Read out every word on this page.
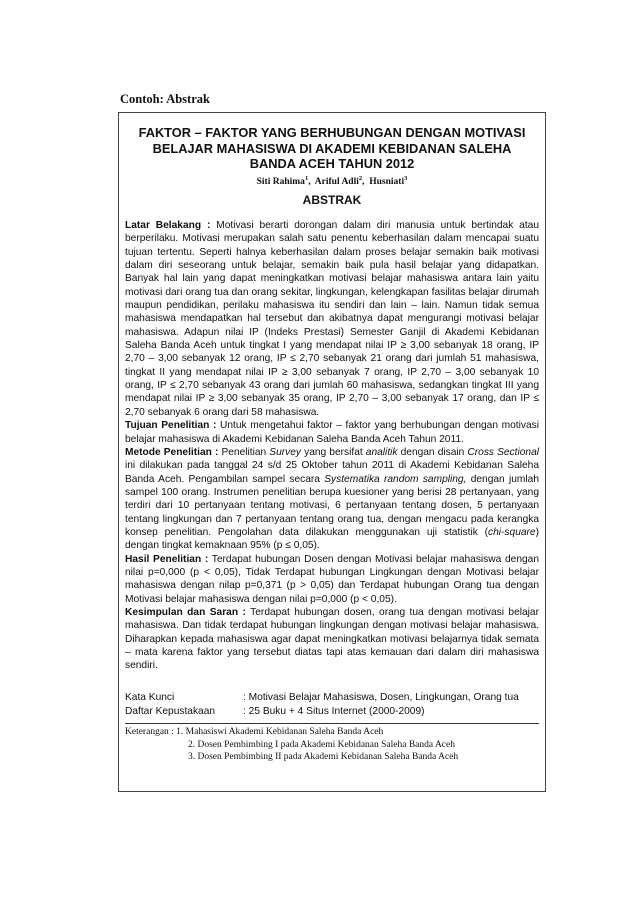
Contoh: Abstrak
FAKTOR – FAKTOR YANG BERHUBUNGAN DENGAN MOTIVASI
BELAJAR MAHASISWA DI AKADEMI KEBIDANAN SALEHA
BANDA ACEH TAHUN 2012
Siti Rahima$^1$,  Ariful Adli$^2$,  Husniati$^3$
ABSTRAK

Latar Belakang : Motivasi berarti dorongan dalam diri manusia untuk bertindak atau berperilaku. Motivasi merupakan salah satu penentu keberhasilan dalam mencapai suatu tujuan tertentu. Seperti halnya keberhasilan dalam proses belajar semakin baik motivasi dalam diri seseorang untuk belajar, semakin baik pula hasil belajar yang didapatkan. Banyak hal lain yang dapat meningkatkan motivasi belajar mahasiswa antara lain yaitu motivasi dari orang tua dan orang sekitar, lingkungan, kelengkapan fasilitas belajar dirumah maupun pendidikan, perilaku mahasiswa itu sendiri dan lain – lain. Namun tidak semua mahasiswa mendapatkan hal tersebut dan akibatnya dapat mengurangi motivasi belajar mahasiswa. Adapun nilai IP (Indeks Prestasi) Semester Ganjil di Akademi Kebidanan Saleha Banda Aceh untuk tingkat I yang mendapat nilai IP ≥ 3,00 sebanyak 18 orang, IP 2,70 – 3,00 sebanyak 12 orang, IP ≤ 2,70 sebanyak 21 orang dari jumlah 51 mahasiswa, tingkat II yang mendapat nilai IP ≥ 3,00 sebanyak 7 orang, IP 2,70 – 3,00 sebanyak 10 orang, IP ≤ 2,70 sebanyak 43 orang dari jumlah 60 mahasiswa, sedangkan tingkat III yang mendapat nilai IP ≥ 3,00 sebanyak 35 orang, IP 2,70 – 3,00 sebanyak 17 orang, dan IP ≤ 2,70 sebanyak 6 orang dari 58 mahasiswa.

Tujuan Penelitian : Untuk mengetahui faktor – faktor yang berhubungan dengan motivasi belajar mahasiswa di Akademi Kebidanan Saleha Banda Aceh Tahun 2011.

Metode Penelitian : Penelitian Survey yang bersifat analitik dengan disain Cross Sectional ini dilakukan pada tanggal 24 s/d 25 Oktober tahun 2011 di Akademi Kebidanan Saleha Banda Aceh. Pengambilan sampel secara Systematika random sampling, dengan jumlah sampel 100 orang. Instrumen penelitian berupa kuesioner yang berisi 28 pertanyaan, yang terdiri dari 10 pertanyaan tentang motivasi, 6 pertanyaan tentang dosen, 5 pertanyaan tentang lingkungan dan 7 pertanyaan tentang orang tua, dengan mengacu pada kerangka konsep penelitian. Pengolahan data dilakukan menggunakan uji statistik (chi-square) dengan tingkat kemaknaan 95% (p ≤ 0,05).

Hasil Penelitian : Terdapat hubungan Dosen dengan Motivasi belajar mahasiswa dengan nilai p=0,000 (p < 0,05), Tidak Terdapat hubungan Lingkungan dengan Motivasi belajar mahasiswa dengan nilap p=0,371 (p > 0,05) dan Terdapat hubungan Orang tua dengan Motivasi belajar mahasiswa dengan nilai p=0,000 (p < 0,05).

Kesimpulan dan Saran : Terdapat hubungan dosen, orang tua dengan motivasi belajar mahasiswa. Dan tidak terdapat hubungan lingkungan dengan motivasi belajar mahasiswa. Diharapkan kepada mahasiswa agar dapat meningkatkan motivasi belajarnya tidak semata – mata karena faktor yang tersebut diatas tapi atas kemauan dari dalam diri mahasiswa sendiri.

Kata Kunci	: Motivasi Belajar Mahasiswa, Dosen, Lingkungan, Orang tua
Daftar Kepustakaan	: 25 Buku + 4 Situs Internet (2000-2009)
Keterangan : 1. Mahasiswi Akademi Kebidanan Saleha Banda Aceh
2. Dosen Pembimbing I pada Akademi Kebidanan Saleha Banda Aceh
3. Dosen Pembimbing II pada Akademi Kebidanan Saleha Banda Aceh
